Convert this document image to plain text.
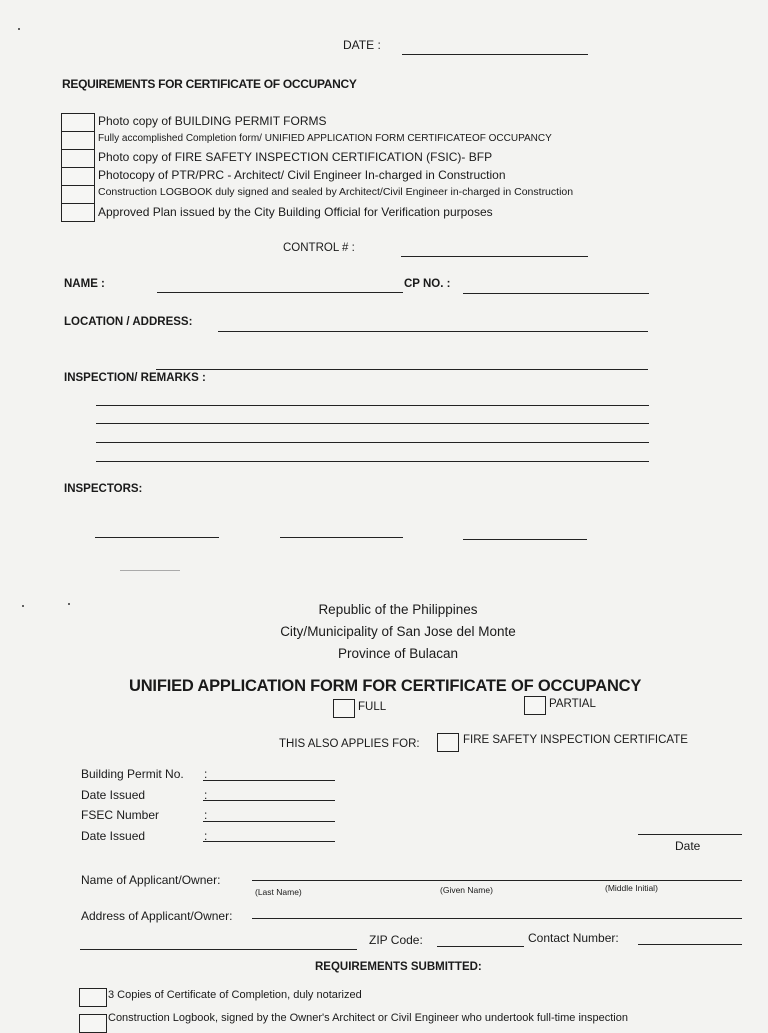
DATE :
REQUIREMENTS FOR CERTIFICATE OF OCCUPANCY
Photo copy of BUILDING PERMIT FORMS
Fully accomplished Completion form/ UNIFIED APPLICATION FORM CERTIFICATEOF OCCUPANCY
Photo copy of FIRE SAFETY INSPECTION CERTIFICATION (FSIC)- BFP
Photocopy of PTR/PRC - Architect/ Civil Engineer In-charged in Construction
Construction LOGBOOK duly signed and sealed by Architect/Civil Engineer in-charged in Construction
Approved Plan issued by the City Building Official for Verification purposes
CONTROL # :
NAME :	CP NO. :
LOCATION / ADDRESS:
INSPECTION/ REMARKS :
INSPECTORS:
Republic of the Philippines
City/Municipality of San Jose del Monte
Province of Bulacan
UNIFIED APPLICATION FORM FOR CERTIFICATE OF OCCUPANCY
FULL	PARTIAL
THIS ALSO APPLIES FOR:	FIRE SAFETY INSPECTION CERTIFICATE
Building Permit No. :
Date Issued	:
FSEC Number	:
Date Issued	:
Date
Name of Applicant/Owner:
(Last Name)	(Given Name)	(Middle Initial)
Address of Applicant/Owner:
ZIP Code:	Contact Number:
REQUIREMENTS SUBMITTED:
3 Copies of Certificate of Completion, duly notarized
Construction Logbook, signed by the Owner's Architect or Civil Engineer who undertook full-time inspection
